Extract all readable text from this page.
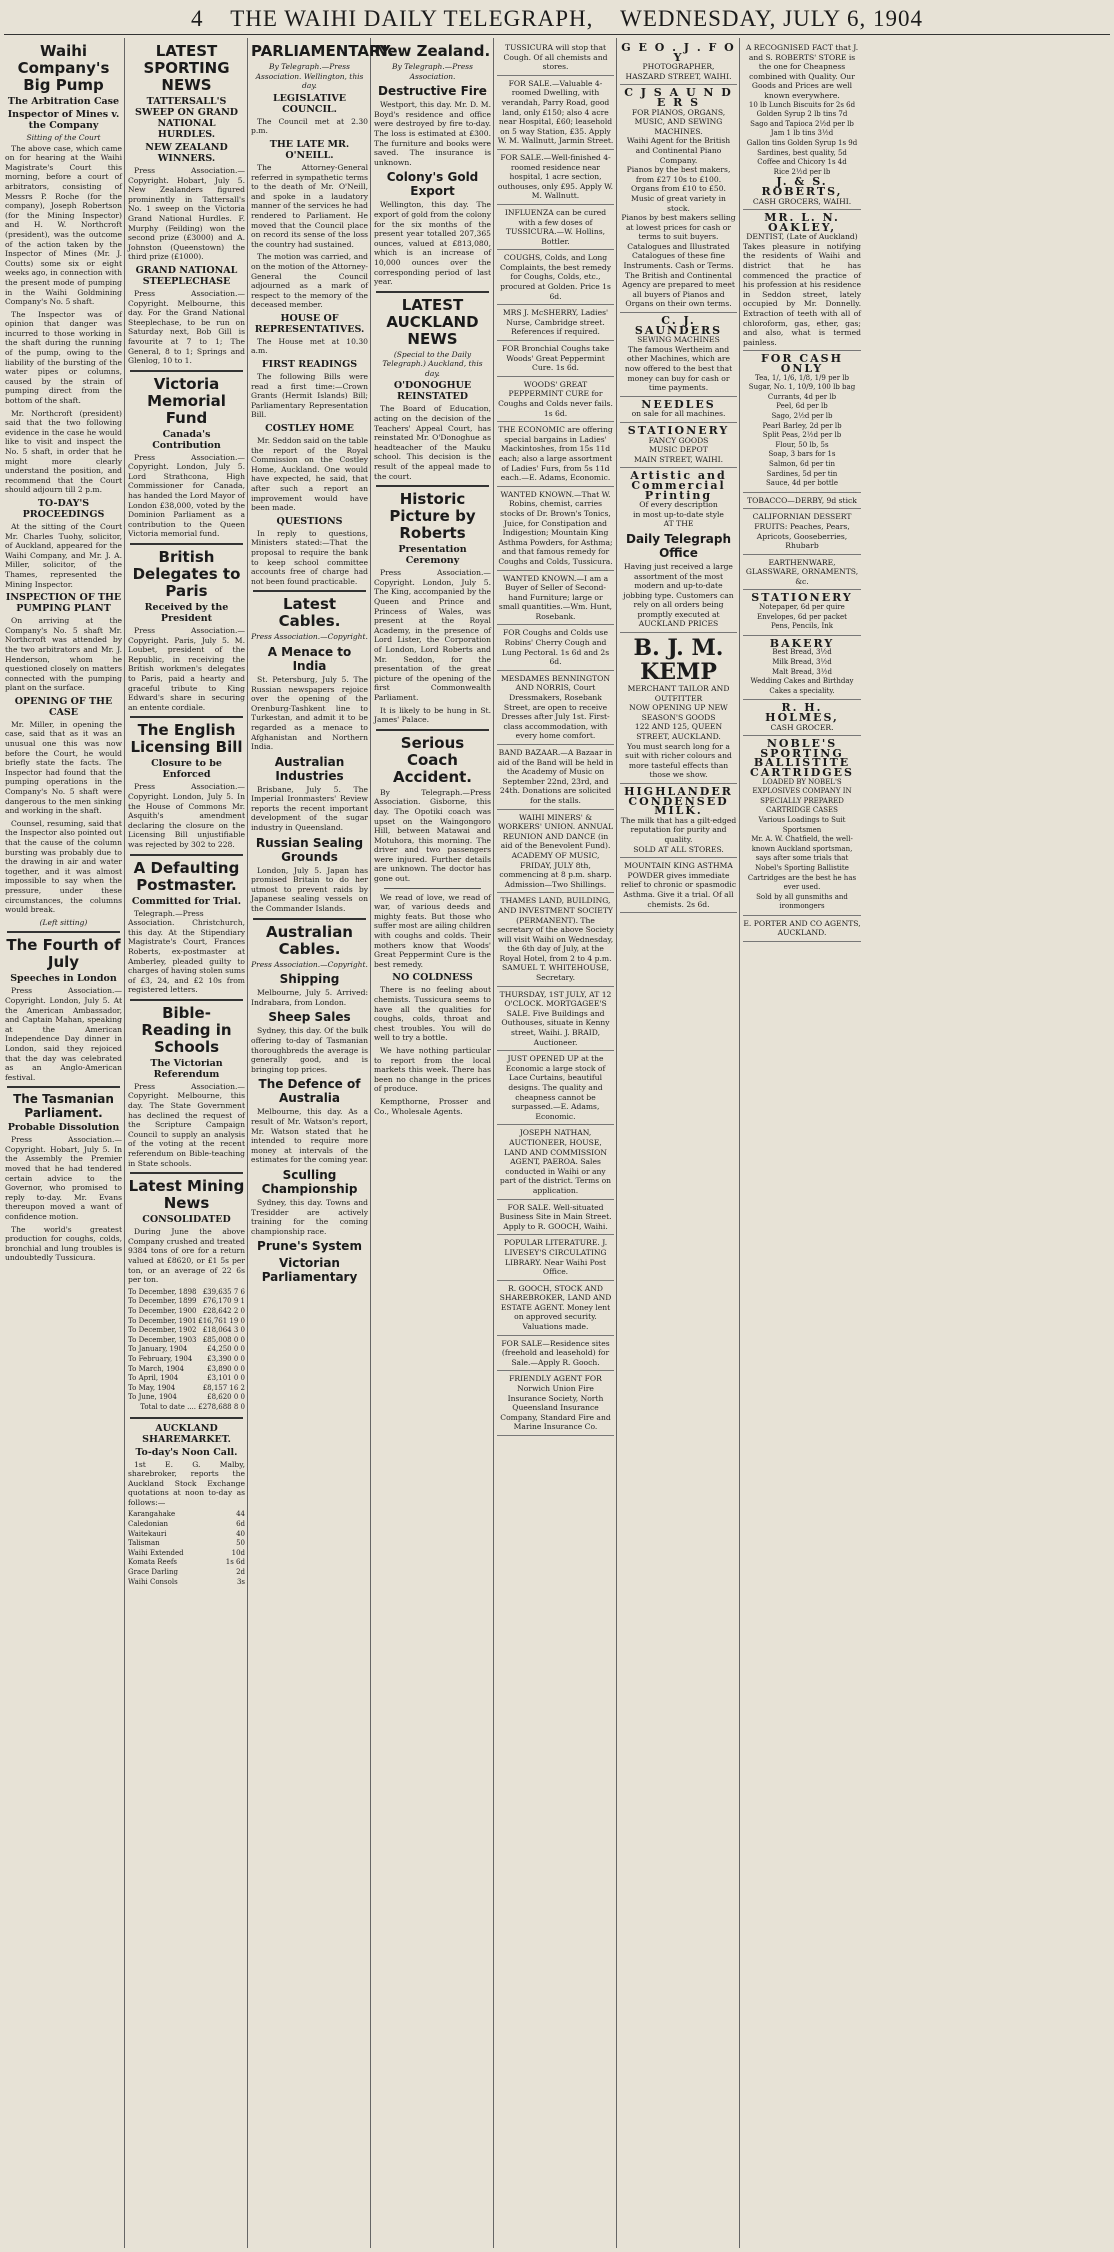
4 THE WAIHI DAILY TELEGRAPH, WEDNESDAY, JULY 6, 1904
Waihi Company's Big Pump
The Arbitration Case
Inspector of Mines v. the Company
Sitting of the Court

The above case, which came on for hearing at the Waihi Magistrate's Court this morning, before a court of arbitrators, consisting of Messrs P. Roche (for the company), Joseph Robertson (for the Mining Inspector) and H. W. Northcroft (president), was the outcome of the action taken by the Inspector of Mines (Mr. J. Coutts) some six or eight weeks ago, in connection with the present mode of pumping in the Waihi Goldmining Company's No. 5 shaft.

The Inspector was of opinion that danger was incurred to those working in the shaft during the running of the pump, owing to the liability of the bursting of the water pipes or columns, caused by the strain of pumping direct from the bottom of the shaft.

Mr. Northcroft (president) said that the two following evidence in the case he would like to visit and inspect the No. 5 shaft, in order that he might more clearly understand the position, and recommend that the Court should adjourn till 2 p.m.

TO-DAY'S PROCEEDINGS

At the sitting of the Court Mr. Charles Tuohy, solicitor, of Auckland, appeared for the Waihi Company, and Mr. J. A. Miller, solicitor, of the Thames, represented the Mining Inspector.

INSPECTION OF THE PUMPING PLANT

On arriving at the Company's No. 5 shaft Mr. Northcroft was attended by the two arbitrators and Mr. J. Henderson, whom he questioned closely on matters connected with the pumping plant on the surface.

OPENING OF THE CASE

Mr. Miller, in opening the case, said that as it was an unusual one this was now before the Court, he would briefly state the facts. The Inspector had found that the pumping operations in the Company's No. 5 shaft were dangerous to the men sinking and working in the shaft.

Counsel, resuming, said that the Inspector also pointed out that the cause of the column bursting was probably due to the drawing in air and water together, and it was almost impossible to say when the pressure, under these circumstances, the columns would break.

(Left sitting)
The Fourth of July
Speeches in London

Press Association.—Copyright. London, July 5. At the American Ambassador, and Captain Mahan, speaking at the American Independence Day dinner in London, said they rejoiced that the day was celebrated as an Anglo-American festival.

The Tasmanian Parliament.
Probable Dissolution

Press Association.—Copyright. Hobart, July 5. In the Assembly the Premier moved that he had tendered certain advice to the Governor, who promised to reply to-day. Mr. Evans thereupon moved a want of confidence motion.

The world's greatest production for coughs, colds, bronchial and lung troubles is undoubtedly Tussicura.

LATEST SPORTING NEWS
TATTERSALL'S SWEEP ON GRAND NATIONAL HURDLES.
NEW ZEALAND WINNERS.

Press Association.—Copyright. Hobart, July 5. New Zealanders figured prominently in Tattersall's No. 1 sweep on the Victoria Grand National Hurdles. F. Murphy (Feilding) won the second prize (£3000) and A. Johnston (Queenstown) the third prize (£1000).

GRAND NATIONAL STEEPLECHASE

Press Association.—Copyright. Melbourne, this day. For the Grand National Steeplechase, to be run on Saturday next, Bob Gill is favourite at 7 to 1; The General, 8 to 1; Springs and Glenlog, 10 to 1.

Victoria Memorial Fund
Canada's Contribution

Press Association.—Copyright. London, July 5. Lord Strathcona, High Commissioner for Canada, has handed the Lord Mayor of London £38,000, voted by the Dominion Parliament as a contribution to the Queen Victoria memorial fund.

British Delegates to Paris
Received by the President

Press Association.—Copyright. Paris, July 5. M. Loubet, president of the Republic, in receiving the British workmen's delegates to Paris, paid a hearty and graceful tribute to King Edward's share in securing an entente cordiale.

The English Licensing Bill
Closure to be Enforced

Press Association.—Copyright. London, July 5. In the House of Commons Mr. Asquith's amendment declaring the closure on the Licensing Bill unjustifiable was rejected by 302 to 228.

A Defaulting Postmaster.
Committed for Trial.

Telegraph.—Press Association. Christchurch, this day. At the Stipendiary Magistrate's Court, Frances Roberts, ex-postmaster at Amberley, pleaded guilty to charges of having stolen sums of £3, 24, and £2 10s from registered letters.

Bible-Reading in Schools
The Victorian Referendum

Press Association.—Copyright. Melbourne, this day. The State Government has declined the request of the Scripture Campaign Council to supply an analysis of the voting at the recent referendum on Bible-teaching in State schools.

Latest Mining News
CONSOLIDATED

During June the above Company crushed and treated 9384 tons of ore for a return valued at £8620, or £1 5s per ton, or an average of 22 6s per ton.

To December, 1898 £39,635 7 6
To December, 1899 £76,170 9 1
To December, 1900 £28,642 2 0
To December, 1901 £16,761 19 0
To December, 1902 £18,064 3 0
To December, 1903 £85,008 0 0
To January, 1904	£4,250 0 0
To February, 1904 £3,390 0 0
To March, 1904	£3,890 0 0
To April, 1904	£3,101 0 0
To May, 1904	£8,157 16 2
To June, 1904	£8,620 0 0
Total to date .... £278,688 8 0
AUCKLAND SHAREMARKET.
To-day's Noon Call.

1st E. G. Malby, sharebroker, reports the Auckland Stock Exchange quotations at noon to-day as follows:—

Karangahake	44
Caledonian	6d
Waitekauri	40
Talisman	50
Waihi Extended	10d
Komata Reefs	1s 6d
Grace Darling	2d
Waihi Consols	3s
PARLIAMENTARY.
By Telegraph.—Press Association. Wellington, this day.
LEGISLATIVE COUNCIL.

The Council met at 2.30 p.m.

THE LATE MR. O'NEILL.

The Attorney-General referred in sympathetic terms to the death of Mr. O'Neill, and spoke in a laudatory manner of the services he had rendered to Parliament. He moved that the Council place on record its sense of the loss the country had sustained.

The motion was carried, and on the motion of the Attorney-General the Council adjourned as a mark of respect to the memory of the deceased member.

HOUSE OF REPRESENTATIVES.

The House met at 10.30 a.m.

FIRST READINGS

The following Bills were read a first time:—Crown Grants (Hermit Islands) Bill; Parliamentary Representation Bill.

COSTLEY HOME

Mr. Seddon said on the table the report of the Royal Commission on the Costley Home, Auckland. One would have expected, he said, that after such a report an improvement would have been made.

QUESTIONS

In reply to questions, Ministers stated:—That the proposal to require the bank to keep school committee accounts free of charge had not been found practicable.

Latest Cables.
Press Association.—Copyright.
A Menace to India

St. Petersburg, July 5. The Russian newspapers rejoice over the opening of the Orenburg-Tashkent line to Turkestan, and admit it to be regarded as a menace to Afghanistan and Northern India.

Australian Industries

Brisbane, July 5. The Imperial Ironmasters' Review reports the recent important development of the sugar industry in Queensland.

Russian Sealing Grounds

London, July 5. Japan has promised Britain to do her utmost to prevent raids by Japanese sealing vessels on the Commander Islands.

Australian Cables.
Press Association.—Copyright.
Shipping

Melbourne, July 5. Arrived: Indrabara, from London.

Sheep Sales

Sydney, this day. Of the bulk offering to-day of Tasmanian thoroughbreds the average is generally good, and is bringing top prices.

The Defence of Australia

Melbourne, this day. As a result of Mr. Watson's report, Mr. Watson stated that he intended to require more money at intervals of the estimates for the coming year.

Sculling Championship

Sydney, this day. Towns and Tresidder are actively training for the coming championship race.

Prune's System
Victorian Parliamentary
New Zealand.
By Telegraph.—Press Association.
Destructive Fire

Westport, this day. Mr. D. M. Boyd's residence and office were destroyed by fire to-day. The loss is estimated at £300. The furniture and books were saved. The insurance is unknown.

Colony's Gold Export

Wellington, this day. The export of gold from the colony for the six months of the present year totalled 207,365 ounces, valued at £813,080, which is an increase of 10,000 ounces over the corresponding period of last year.

LATEST AUCKLAND NEWS
(Special to the Daily Telegraph.) Auckland, this day.
O'DONOGHUE REINSTATED

The Board of Education, acting on the decision of the Teachers' Appeal Court, has reinstated Mr. O'Donoghue as headteacher of the Mauku school. This decision is the result of the appeal made to the court.

Historic Picture by Roberts
Presentation Ceremony

Press Association.—Copyright. London, July 5. The King, accompanied by the Queen and Prince and Princess of Wales, was present at the Royal Academy, in the presence of Lord Lister, the Corporation of London, Lord Roberts and Mr. Seddon, for the presentation of the great picture of the opening of the first Commonwealth Parliament.

It is likely to be hung in St. James' Palace.

Serious Coach Accident.

By Telegraph.—Press Association. Gisborne, this day. The Opotiki coach was upset on the Waingongoro Hill, between Matawai and Motuhora, this morning. The driver and two passengers were injured. Further details are unknown. The doctor has gone out.

We read of love, we read of war, of various deeds and mighty feats. But those who suffer most are ailing children with coughs and colds. Their mothers know that Woods' Great Peppermint Cure is the best remedy.

NO COLDNESS

There is no feeling about chemists. Tussicura seems to have all the qualities for coughs, colds, throat and chest troubles. You will do well to try a bottle.

We have nothing particular to report from the local markets this week. There has been no change in the prices of produce.

Kempthorne, Prosser and Co., Wholesale Agents.

TUSSICURA will stop that Cough. Of all chemists and stores.
FOR SALE.—Valuable 4-roomed Dwelling, with verandah, Parry Road, good land, only £150; also 4 acre near Hospital, £60; leasehold on 5 way Station, £35. Apply W. M. Wallnutt, Jarmin Street.
FOR SALE.—Well-finished 4-roomed residence near hospital, 1 acre section, outhouses, only £95. Apply W. M. Wallnutt.
INFLUENZA can be cured with a few doses of TUSSICURA.—W. Hollins, Bottler.
COUGHS, Colds, and Long Complaints, the best remedy for Coughs, Colds, etc., procured at Golden. Price 1s 6d.
MRS J. McSHERRY, Ladies' Nurse, Cambridge street. References if required.
FOR Bronchial Coughs take Woods' Great Peppermint Cure. 1s 6d.
WOODS' GREAT PEPPERMINT CURE for Coughs and Colds never fails. 1s 6d.
THE ECONOMIC are offering special bargains in Ladies' Mackintoshes, from 15s 11d each; also a large assortment of Ladies' Furs, from 5s 11d each.—E. Adams, Economic.
WANTED KNOWN.—That W. Robins, chemist, carries stocks of Dr. Brown's Tonics, Juice, for Constipation and Indigestion; Mountain King Asthma Powders, for Asthma; and that famous remedy for Coughs and Colds, Tussicura.
WANTED KNOWN.—I am a Buyer of Seller of Second-hand Furniture; large or small quantities.—Wm. Hunt, Rosebank.
FOR Coughs and Colds use Robins' Cherry Cough and Lung Pectoral. 1s 6d and 2s 6d.
MESDAMES BENNINGTON AND NORRIS, Court Dressmakers, Rosebank Street, are open to receive Dresses after July 1st. First-class accommodation, with every home comfort.
BAND BAZAAR.—A Bazaar in aid of the Band will be held in the Academy of Music on September 22nd, 23rd, and 24th. Donations are solicited for the stalls.
WAIHI MINERS' & WORKERS' UNION. ANNUAL REUNION AND DANCE (in aid of the Benevolent Fund). ACADEMY OF MUSIC, FRIDAY, JULY 8th, commencing at 8 p.m. sharp. Admission—Two Shillings.
THAMES LAND, BUILDING, AND INVESTMENT SOCIETY (PERMANENT). The secretary of the above Society will visit Waihi on Wednesday, the 6th day of July, at the Royal Hotel, from 2 to 4 p.m. SAMUEL T. WHITEHOUSE, Secretary.
THURSDAY, 1ST JULY, AT 12 O'CLOCK. MORTGAGEE'S SALE. Five Buildings and Outhouses, situate in Kenny street, Waihi. J. BRAID, Auctioneer.
JUST OPENED UP at the Economic a large stock of Lace Curtains, beautiful designs. The quality and cheapness cannot be surpassed.—E. Adams, Economic.
JOSEPH NATHAN, AUCTIONEER, HOUSE, LAND AND COMMISSION AGENT, PAEROA. Sales conducted in Waihi or any part of the district. Terms on application.
FOR SALE. Well-situated Business Site in Main Street. Apply to R. GOOCH, Waihi.
POPULAR LITERATURE. J. LIVESEY'S CIRCULATING LIBRARY. Near Waihi Post Office.
R. GOOCH, STOCK AND SHAREBROKER, LAND AND ESTATE AGENT. Money lent on approved security. Valuations made.
FOR SALE—Residence sites (freehold and leasehold) for Sale.—Apply R. Gooch.
FRIENDLY AGENT FOR Norwich Union Fire Insurance Society, North Queensland Insurance Company, Standard Fire and Marine Insurance Co.
G E O . J . F O Y
PHOTOGRAPHER,
HASZARD STREET, WAIHI.
C J S A U N D E R S
FOR PIANOS, ORGANS, MUSIC, AND SEWING MACHINES.
Waihi Agent for the British and Continental Piano Company.
Pianos by the best makers, from £27 10s to £100.
Organs from £10 to £50.
Music of great variety in stock.
Pianos by best makers selling at lowest prices for cash or terms to suit buyers.
Catalogues and Illustrated Catalogues of these fine Instruments. Cash or Terms.
The British and Continental Agency are prepared to meet all buyers of Pianos and Organs on their own terms.
C. J. SAUNDERS
SEWING MACHINES
The famous Wertheim and other Machines, which are now offered to the best that money can buy for cash or time payments.
NEEDLES
on sale for all machines.
STATIONERY
FANCY GOODS
MUSIC DEPOT
MAIN STREET, WAIHI.
Artistic and Commercial Printing
Of every description
in most up-to-date style
AT THE
Daily Telegraph Office
Having just received a large assortment of the most modern and up-to-date jobbing type. Customers can rely on all orders being promptly executed at AUCKLAND PRICES
B. J. M. KEMP
MERCHANT TAILOR AND OUTFITTER
NOW OPENING UP NEW SEASON'S GOODS
122 AND 125, QUEEN STREET, AUCKLAND.
You must search long for a suit with richer colours and more tasteful effects than those we show.
HIGHLANDER
CONDENSED MILK.
The milk that has a gilt-edged reputation for purity and quality.
SOLD AT ALL STORES.
MOUNTAIN KING ASTHMA POWDER gives immediate relief to chronic or spasmodic Asthma. Give it a trial. Of all chemists. 2s 6d.
A RECOGNISED FACT that J. and S. ROBERTS' STORE is the one for Cheapness combined with Quality. Our Goods and Prices are well known everywhere.
10 lb Lunch Biscuits for 2s 6d
Golden Syrup 2 lb tins 7d
Sago and Tapioca 2½d per lb
Jam 1 lb tins 3½d
Gallon tins Golden Syrup 1s 9d
Sardines, best quality, 5d
Coffee and Chicory 1s 4d
Rice 2½d per lb
J. & S. ROBERTS,
CASH GROCERS, WAIHI.
MR. L. N. OAKLEY,
DENTIST, (Late of Auckland)
Takes pleasure in notifying the residents of Waihi and district that he has commenced the practice of his profession at his residence in Seddon street, lately occupied by Mr. Donnelly. Extraction of teeth with all of chloroform, gas, ether, gas; and also, what is termed painless.
FOR CASH ONLY
Tea, 1/, 1/6, 1/8, 1/9 per lb
Sugar, No. 1, 10/9, 100 lb bag
Currants, 4d per lb
Peel, 6d per lb
Sago, 2½d per lb
Pearl Barley, 2d per lb
Split Peas, 2½d per lb
Flour, 50 lb, 5s
Soap, 3 bars for 1s
Salmon, 6d per tin
Sardines, 5d per tin
Sauce, 4d per bottle
TOBACCO—DERBY, 9d stick
CALIFORNIAN DESSERT FRUITS: Peaches, Pears, Apricots, Gooseberries, Rhubarb
EARTHENWARE, GLASSWARE, ORNAMENTS, &c.
STATIONERY
Notepaper, 6d per quire
Envelopes, 6d per packet
Pens, Pencils, Ink
BAKERY
Best Bread, 3½d
Milk Bread, 3½d
Malt Bread, 3½d
Wedding Cakes and Birthday Cakes a speciality.
R. H. HOLMES,
CASH GROCER.
NOBLE'S SPORTING BALLISTITE CARTRIDGES
LOADED BY NOBEL'S EXPLOSIVES COMPANY IN SPECIALLY PREPARED CARTRIDGE CASES
Various Loadings to Suit Sportsmen
Mr. A. W. Chatfield, the well-known Auckland sportsman, says after some trials that Nobel's Sporting Ballistite Cartridges are the best he has ever used.
Sold by all gunsmiths and ironmongers
E. PORTER AND CO AGENTS, AUCKLAND.
